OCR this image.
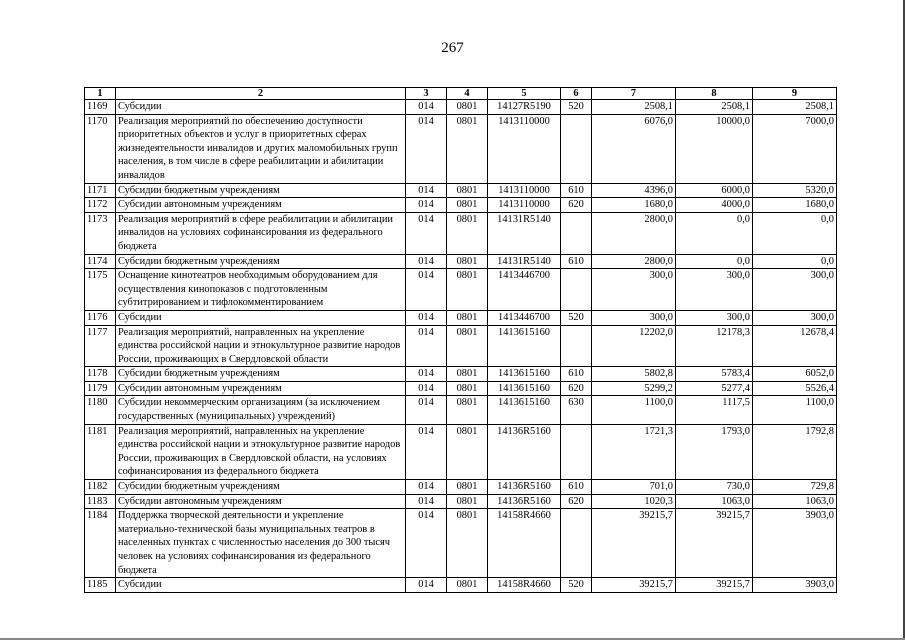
267
1	2	3	4	5	6	7	8	9
1169	Субсидии	014	0801	14127R5190	520	2508,1	2508,1	2508,1
1170	Реализация мероприятий по обеспечению доступности приоритетных объектов и услуг в приоритетных сферах жизнедеятельности инвалидов и других маломобильных групп населения, в том числе в сфере реабилитации и абилитации инвалидов	014	0801	1413110000		6076,0	10000,0	7000,0
1171	Субсидии бюджетным учреждениям	014	0801	1413110000	610	4396,0	6000,0	5320,0
1172	Субсидии автономным учреждениям	014	0801	1413110000	620	1680,0	4000,0	1680,0
1173	Реализация мероприятий в сфере реабилитации и абилитации инвалидов на условиях софинансирования из федерального бюджета	014	0801	14131R5140		2800,0	0,0	0,0
1174	Субсидии бюджетным учреждениям	014	0801	14131R5140	610	2800,0	0,0	0,0
1175	Оснащение кинотеатров необходимым оборудованием для осуществления кинопоказов с подготовленным субтитрированием и тифлокомментированием	014	0801	1413446700		300,0	300,0	300,0
1176	Субсидии	014	0801	1413446700	520	300,0	300,0	300,0
1177	Реализация мероприятий, направленных на укрепление единства российской нации и этнокультурное развитие народов России, проживающих в Свердловской области	014	0801	1413615160		12202,0	12178,3	12678,4
1178	Субсидии бюджетным учреждениям	014	0801	1413615160	610	5802,8	5783,4	6052,0
1179	Субсидии автономным учреждениям	014	0801	1413615160	620	5299,2	5277,4	5526,4
1180	Субсидии некоммерческим организациям (за исключением государственных (муниципальных) учреждений)	014	0801	1413615160	630	1100,0	1117,5	1100,0
1181	Реализация мероприятий, направленных на укрепление единства российской нации и этнокультурное развитие народов России, проживающих в Свердловской области, на условиях софинансирования из федерального бюджета	014	0801	14136R5160		1721,3	1793,0	1792,8
1182	Субсидии бюджетным учреждениям	014	0801	14136R5160	610	701,0	730,0	729,8
1183	Субсидии автономным учреждениям	014	0801	14136R5160	620	1020,3	1063,0	1063,0
1184	Поддержка творческой деятельности и укрепление материально-технической базы муниципальных театров в населенных пунктах с численностью населения до 300 тысяч человек на условиях софинансирования из федерального бюджета	014	0801	14158R4660		39215,7	39215,7	3903,0
1185	Субсидии	014	0801	14158R4660	520	39215,7	39215,7	3903,0
